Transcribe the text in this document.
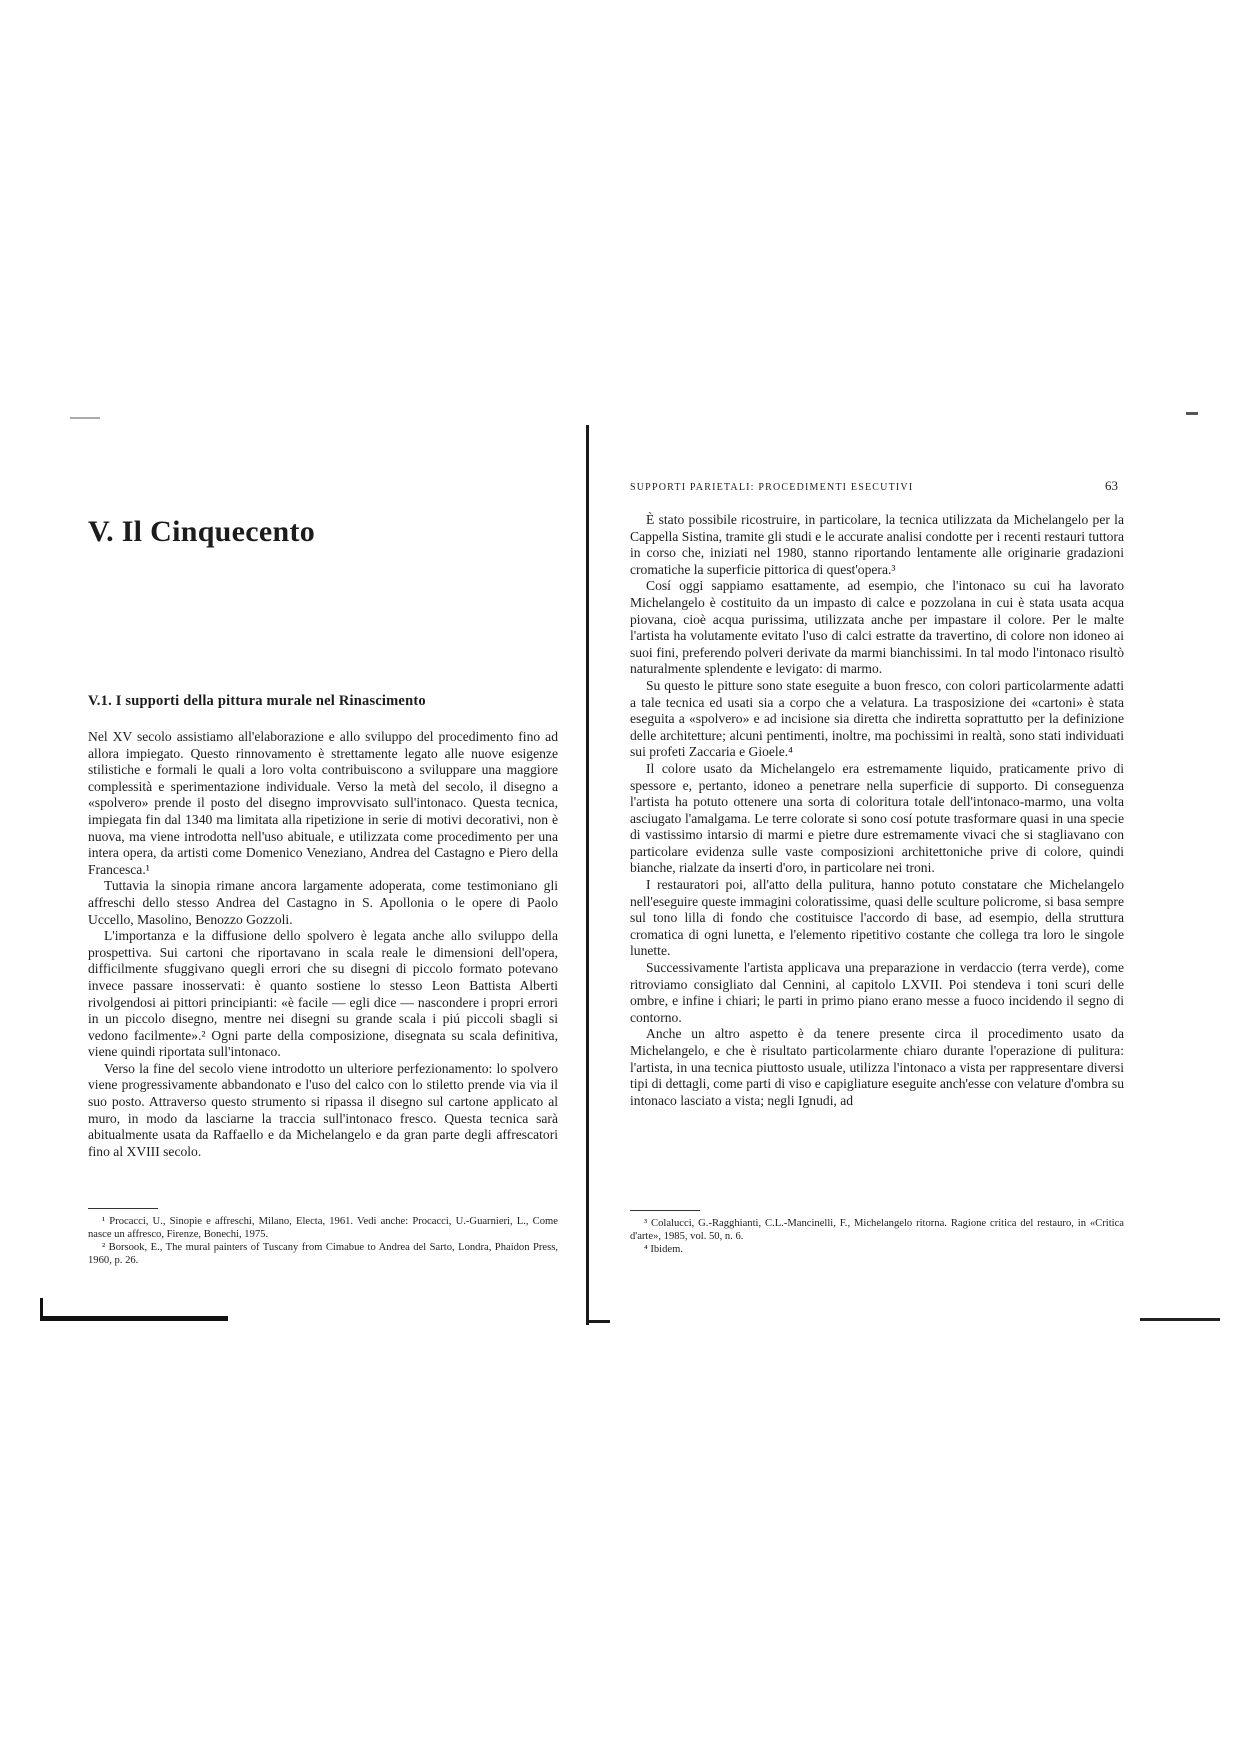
V. Il Cinquecento
V.1. I supporti della pittura murale nel Rinascimento

Nel XV secolo assistiamo all'elaborazione e allo sviluppo del procedimento fino ad allora impiegato. Questo rinnovamento è strettamente legato alle nuove esigenze stilistiche e formali le quali a loro volta contribuiscono a sviluppare una maggiore complessità e sperimentazione individuale. Verso la metà del secolo, il disegno a «spolvero» prende il posto del disegno improvvisato sull'intonaco. Questa tecnica, impiegata fin dal 1340 ma limitata alla ripetizione in serie di motivi decorativi, non è nuova, ma viene introdotta nell'uso abituale, e utilizzata come procedimento per una intera opera, da artisti come Domenico Veneziano, Andrea del Castagno e Piero della Francesca.¹

Tuttavia la sinopia rimane ancora largamente adoperata, come testimoniano gli affreschi dello stesso Andrea del Castagno in S. Apollonia o le opere di Paolo Uccello, Masolino, Benozzo Gozzoli.

L'importanza e la diffusione dello spolvero è legata anche allo sviluppo della prospettiva. Sui cartoni che riportavano in scala reale le dimensioni dell'opera, difficilmente sfuggivano quegli errori che su disegni di piccolo formato potevano invece passare inosservati: è quanto sostiene lo stesso Leon Battista Alberti rivolgendosi ai pittori principianti: «è facile — egli dice — nascondere i propri errori in un piccolo disegno, mentre nei disegni su grande scala i piú piccoli sbagli si vedono facilmente».² Ogni parte della composizione, disegnata su scala definitiva, viene quindi riportata sull'intonaco.

Verso la fine del secolo viene introdotto un ulteriore perfezionamento: lo spolvero viene progressivamente abbandonato e l'uso del calco con lo stiletto prende via via il suo posto. Attraverso questo strumento si ripassa il disegno sul cartone applicato al muro, in modo da lasciarne la traccia sull'intonaco fresco. Questa tecnica sarà abitualmente usata da Raffaello e da Michelangelo e da gran parte degli affrescatori fino al XVIII secolo.

¹ Procacci, U., Sinopie e affreschi, Milano, Electa, 1961. Vedi anche: Procacci, U.-Guarnieri, L., Come nasce un affresco, Firenze, Bonechi, 1975.

² Borsook, E., The mural painters of Tuscany from Cimabue to Andrea del Sarto, Londra, Phaidon Press, 1960, p. 26.

SUPPORTI PARIETALI: PROCEDIMENTI ESECUTIVI	63

È stato possibile ricostruire, in particolare, la tecnica utilizzata da Michelangelo per la Cappella Sistina, tramite gli studi e le accurate analisi condotte per i recenti restauri tuttora in corso che, iniziati nel 1980, stanno riportando lentamente alle originarie gradazioni cromatiche la superficie pittorica di quest'opera.³

Cosí oggi sappiamo esattamente, ad esempio, che l'intonaco su cui ha lavorato Michelangelo è costituito da un impasto di calce e pozzolana in cui è stata usata acqua piovana, cioè acqua purissima, utilizzata anche per impastare il colore. Per le malte l'artista ha volutamente evitato l'uso di calci estratte da travertino, di colore non idoneo ai suoi fini, preferendo polveri derivate da marmi bianchissimi. In tal modo l'intonaco risultò naturalmente splendente e levigato: di marmo.

Su questo le pitture sono state eseguite a buon fresco, con colori particolarmente adatti a tale tecnica ed usati sia a corpo che a velatura. La trasposizione dei «cartoni» è stata eseguita a «spolvero» e ad incisione sia diretta che indiretta soprattutto per la definizione delle architetture; alcuni pentimenti, inoltre, ma pochissimi in realtà, sono stati individuati sui profeti Zaccaria e Gioele.⁴

Il colore usato da Michelangelo era estremamente liquido, praticamente privo di spessore e, pertanto, idoneo a penetrare nella superficie di supporto. Di conseguenza l'artista ha potuto ottenere una sorta di coloritura totale dell'intonaco-marmo, una volta asciugato l'amalgama. Le terre colorate si sono cosí potute trasformare quasi in una specie di vastissimo intarsio di marmi e pietre dure estremamente vivaci che si stagliavano con particolare evidenza sulle vaste composizioni architettoniche prive di colore, quindi bianche, rialzate da inserti d'oro, in particolare nei troni.

I restauratori poi, all'atto della pulitura, hanno potuto constatare che Michelangelo nell'eseguire queste immagini coloratissime, quasi delle sculture policrome, si basa sempre sul tono lilla di fondo che costituisce l'accordo di base, ad esempio, della struttura cromatica di ogni lunetta, e l'elemento ripetitivo costante che collega tra loro le singole lunette.

Successivamente l'artista applicava una preparazione in verdaccio (terra verde), come ritroviamo consigliato dal Cennini, al capitolo LXVII. Poi stendeva i toni scuri delle ombre, e infine i chiari; le parti in primo piano erano messe a fuoco incidendo il segno di contorno.

Anche un altro aspetto è da tenere presente circa il procedimento usato da Michelangelo, e che è risultato particolarmente chiaro durante l'operazione di pulitura: l'artista, in una tecnica piuttosto usuale, utilizza l'intonaco a vista per rappresentare diversi tipi di dettagli, come parti di viso e capigliature eseguite anch'esse con velature d'ombra su intonaco lasciato a vista; negli Ignudi, ad

³ Colalucci, G.-Ragghianti, C.L.-Mancinelli, F., Michelangelo ritorna. Ragione critica del restauro, in «Critica d'arte», 1985, vol. 50, n. 6.

⁴ Ibidem.
